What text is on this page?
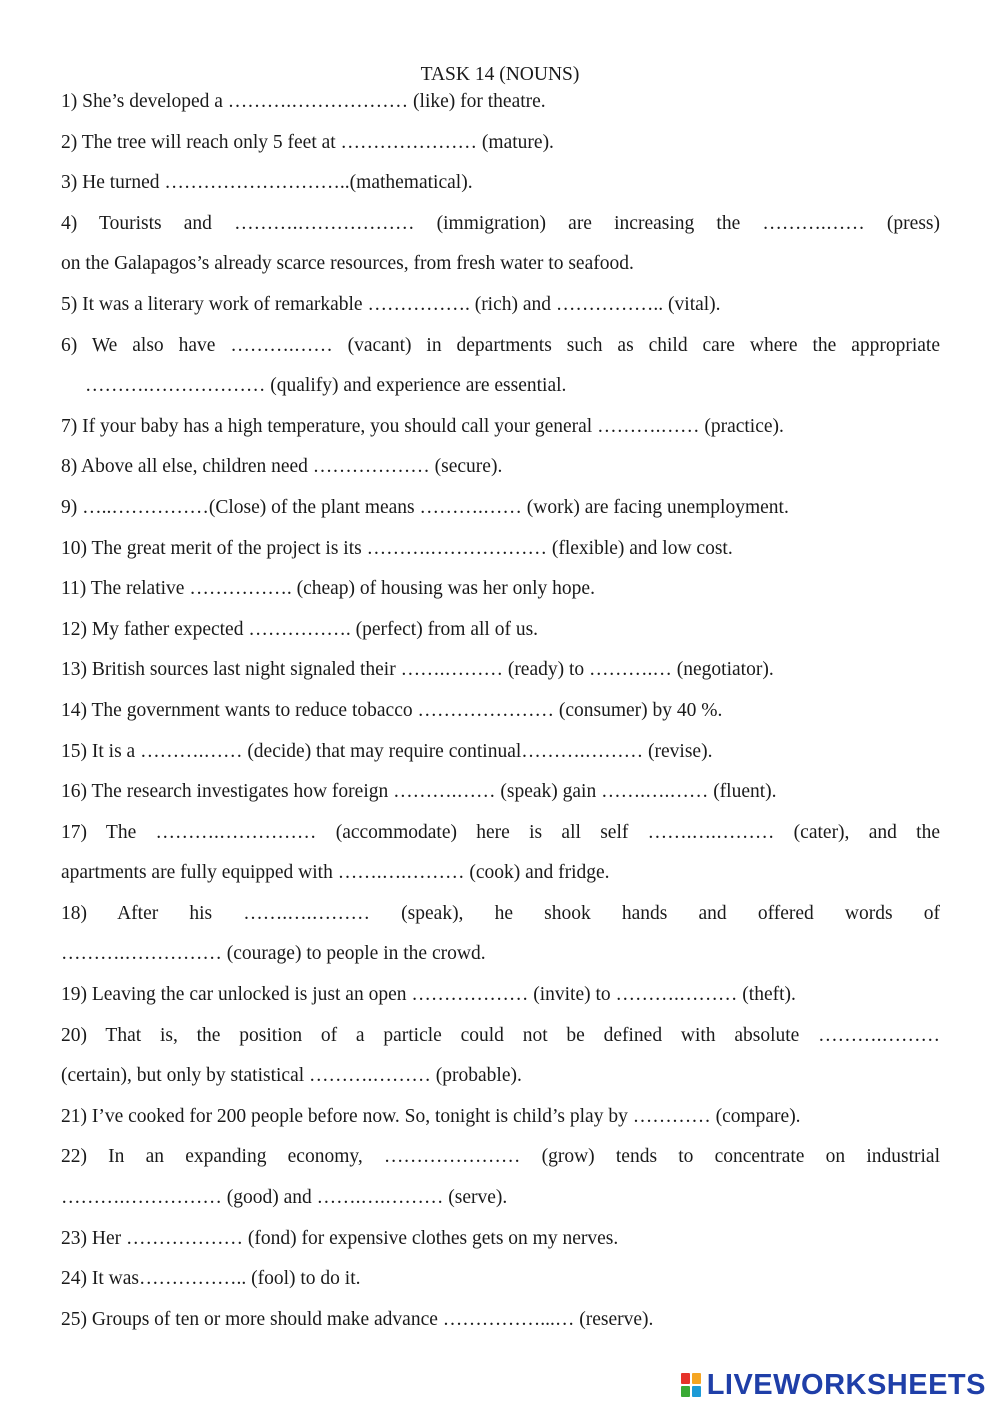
TASK 14 (NOUNS)
1) She’s developed a ……….……………… (like) for theatre.
2) The tree will reach only 5 feet at ………………… (mature).
3) He turned ………………………..(mathematical).
4) Tourists and ……….……………… (immigration) are increasing the ……….…… (press)
on the Galapagos’s already scarce resources, from fresh water to seafood.
5) It was a literary work of remarkable ……………. (rich) and …………….. (vital).
6) We also have ……….…… (vacant) in departments such as child care where the appropriate
……….……………… (qualify) and experience are essential.
7) If your baby has a high temperature, you should call your general ……….…… (practice).
8) Above all else, children need ……………… (secure).
9) …..……………(Close) of the plant means ……….…… (work) are facing unemployment.
10) The great merit of the project is its ……….……………… (flexible) and low cost.
11) The relative ……………. (cheap) of housing was her only hope.
12) My father expected ……………. (perfect) from all of us.
13) British sources last night signaled their …….……… (ready) to ……….… (negotiator).
14) The government wants to reduce tobacco ………………… (consumer) by 40 %.
15) It is a ……….…… (decide) that may require continual……….……… (revise).
16) The research investigates how foreign ……….…… (speak) gain …….….…… (fluent).
17) The ……….…………… (accommodate) here is all self …….….……… (cater), and the
apartments are fully equipped with …….….……… (cook) and fridge.
18) After his …….….……… (speak), he shook hands and offered words of
……….…………… (courage) to people in the crowd.
19) Leaving the car unlocked is just an open ……………… (invite) to ……….……… (theft).
20) That is, the position of a particle could not be defined with absolute ……….………
(certain), but only by statistical ……….……… (probable).
21) I’ve cooked for 200 people before now. So, tonight is child’s play by ………… (compare).
22) In an expanding economy, ………………… (grow) tends to concentrate on industrial
……….…………… (good) and …….….……… (serve).
23) Her ……………… (fond) for expensive clothes gets on my nerves.
24) It was…………….. (fool) to do it.
25) Groups of ten or more should make advance ……………...… (reserve).
LIVEWORKSHEETS
